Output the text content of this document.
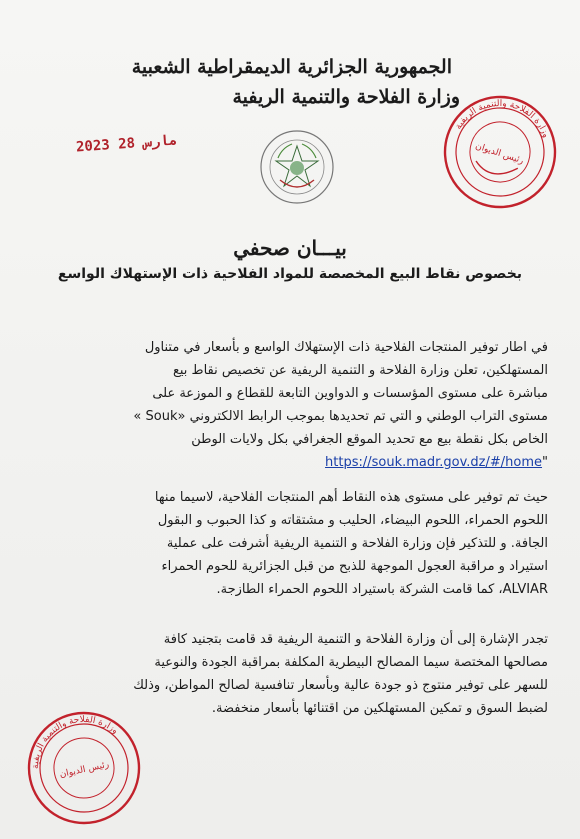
الجمهورية الجزائرية الديمقراطية الشعبية
وزارة الفلاحة والتنمية الريفية
2023 مارس 28
وزارة الفلاحة والتنمية الريفية
رئيس الديوان
وزارة الفلاحة والتنمية الريفية
رئيس الديوان
بيـــان صحفي
بخصوص نقاط البيع المخصصة للمواد الفلاحية ذات الإستهلاك الواسع
في اطار توفير المنتجات الفلاحية ذات الإستهلاك الواسع و بأسعار في متناول
المستهلكين، تعلن وزارة الفلاحة و التنمية الريفية عن تخصيص نقاط بيع
مباشرة على مستوى المؤسسات و الدواوين التابعة للقطاع و الموزعة على
مستوى التراب الوطني و التي تم تحديدها بموجب الرابط الالكتروني «Souk »
الخاص بكل نقطة بيع مع تحديد الموقع الجغرافي بكل ولايات الوطن
"https://souk.madr.gov.dz/#/home
حيث تم توفير على مستوى هذه النقاط أهم المنتجات الفلاحية، لاسيما منها
اللحوم الحمراء، اللحوم البيضاء، الحليب و مشتقاته و كذا الحبوب و البقول
الجافة. و للتذكير فإن وزارة الفلاحة و التنمية الريفية أشرفت على عملية
استيراد و مراقبة العجول الموجهة للذبح من قبل الجزائرية للحوم الحمراء
ALVIAR، كما قامت الشركة باستيراد اللحوم الحمراء الطازجة.
تجدر الإشارة إلى أن وزارة الفلاحة و التنمية الريفية قد قامت بتجنيد كافة
مصالحها المختصة سيما المصالح البيطرية المكلفة بمراقبة الجودة والنوعية
للسهر على توفير منتوج ذو جودة عالية وبأسعار تنافسية لصالح المواطن، وذلك
لضبط السوق و تمكين المستهلكين من اقتنائها بأسعار منخفضة.
